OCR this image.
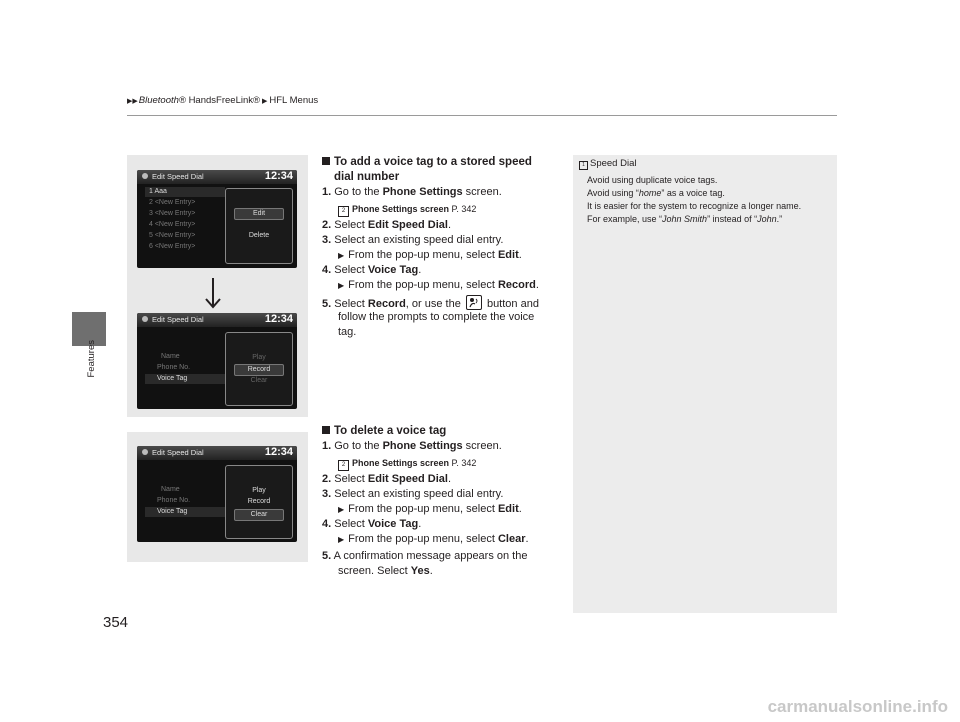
▶▶Bluetooth® HandsFreeLink® ▶ HFL Menus
Features
354
Edit Speed Dial	12:34
1 Aaa
2 <New Entry>
3 <New Entry>
4 <New Entry>
5 <New Entry>
6 <New Entry>
Edit
Delete
Edit Speed Dial	12:34
Name
Phone No.
Voice Tag
Play
Record
Clear
Edit Speed Dial	12:34
Name
Phone No.
Voice Tag
Play
Record
Clear
To add a voice tag to a stored speed
dial number
1. Go to the Phone Settings screen.
2 Phone Settings screen P. 342
2. Select Edit Speed Dial.
3. Select an existing speed dial entry.
▶ From the pop-up menu, select Edit.
4. Select Voice Tag.
▶ From the pop-up menu, select Record.
5. Select Record, or use the  button and
follow the prompts to complete the voice
tag.
To delete a voice tag
1. Go to the Phone Settings screen.
2 Phone Settings screen P. 342
2. Select Edit Speed Dial.
3. Select an existing speed dial entry.
▶ From the pop-up menu, select Edit.
4. Select Voice Tag.
▶ From the pop-up menu, select Clear.
5. A confirmation message appears on the
screen. Select Yes.
1 Speed Dial
Avoid using duplicate voice tags.
Avoid using “home” as a voice tag.
It is easier for the system to recognize a longer name.
For example, use “John Smith” instead of “John.”
carmanualsonline.info
